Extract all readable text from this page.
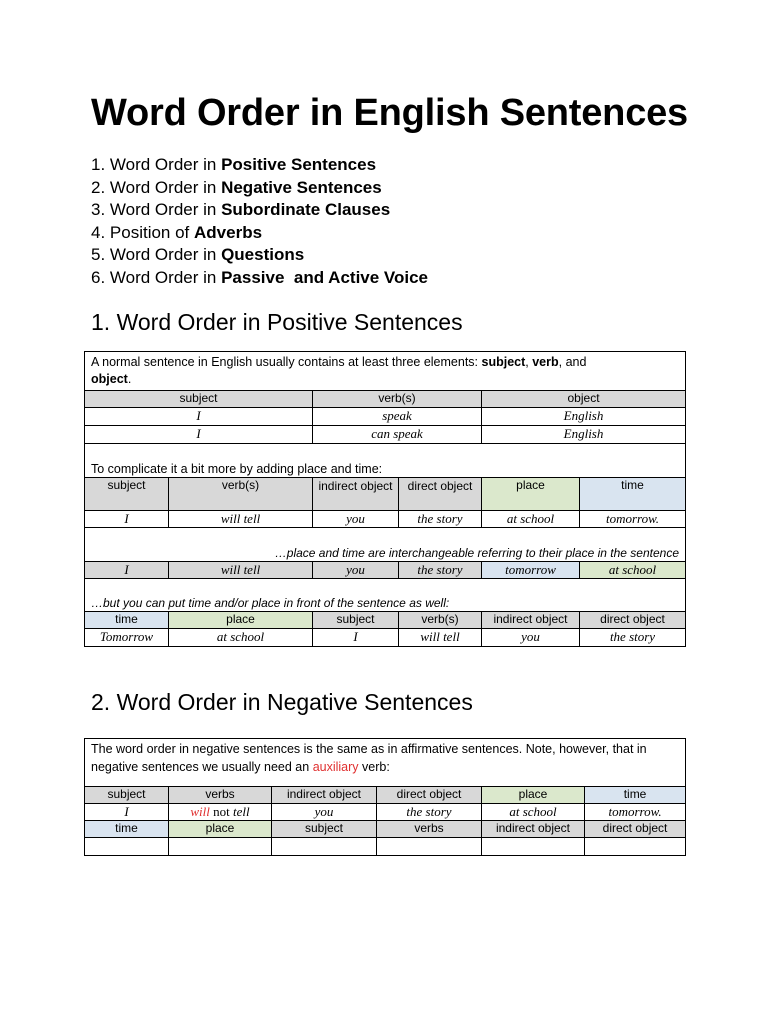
Word Order in English Sentences
1. Word Order in Positive Sentences
2. Word Order in Negative Sentences
3. Word Order in Subordinate Clauses
4. Position of Adverbs
5. Word Order in Questions
6. Word Order in Passive  and Active Voice
1. Word Order in Positive Sentences
A normal sentence in English usually contains at least three elements: subject, verb, and
object.		
subject	verb(s)	object
I	speak	English
I	can speak	English
To complicate it a bit more by adding place and time:					
subject	verb(s)	indirect object	direct object	place	time
I	will tell	you	the story	at school	tomorrow.
…place and time are interchangeable referring to their place in the sentence					
I	will tell	you	the story	tomorrow	at school
…but you can put time and/or place in front of the sentence as well:					
time	place	subject	verb(s)	indirect object	direct object
Tomorrow	at school	I	will tell	you	the story
2. Word Order in Negative Sentences
The word order in negative sentences is the same as in affirmative sentences. Note, however, that in negative sentences we usually need an auxiliary verb:					
subject	verbs	indirect object	direct object	place	time
I	will not tell	you	the story	at school	tomorrow.
time	place	subject	verbs	indirect object	direct object
